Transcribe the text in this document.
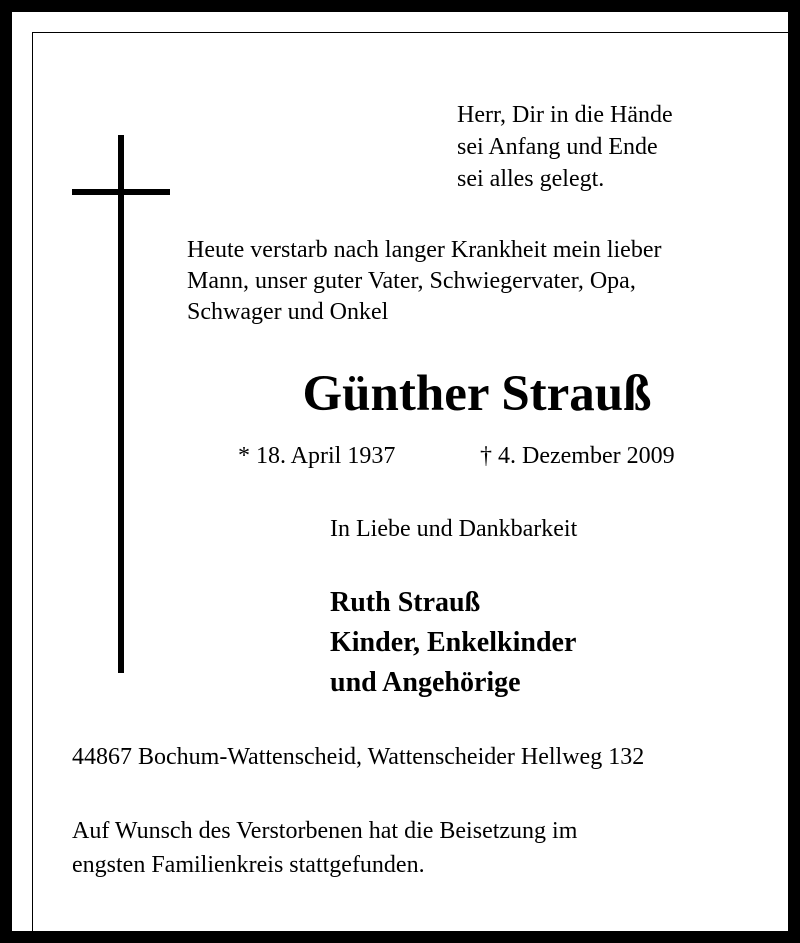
Herr, Dir in die Hände
sei Anfang und Ende
sei alles gelegt.

Heute verstarb nach langer Krankheit mein lieber
Mann, unser guter Vater, Schwiegervater, Opa,
Schwager und Onkel

Günther Strauß

* 18. April 1937	† 4. Dezember 2009

In Liebe und Dankbarkeit

Ruth Strauß
Kinder, Enkelkinder
und Angehörige

44867 Bochum-Wattenscheid, Wattenscheider Hellweg 132

Auf Wunsch des Verstorbenen hat die Beisetzung im
engsten Familienkreis stattgefunden.
